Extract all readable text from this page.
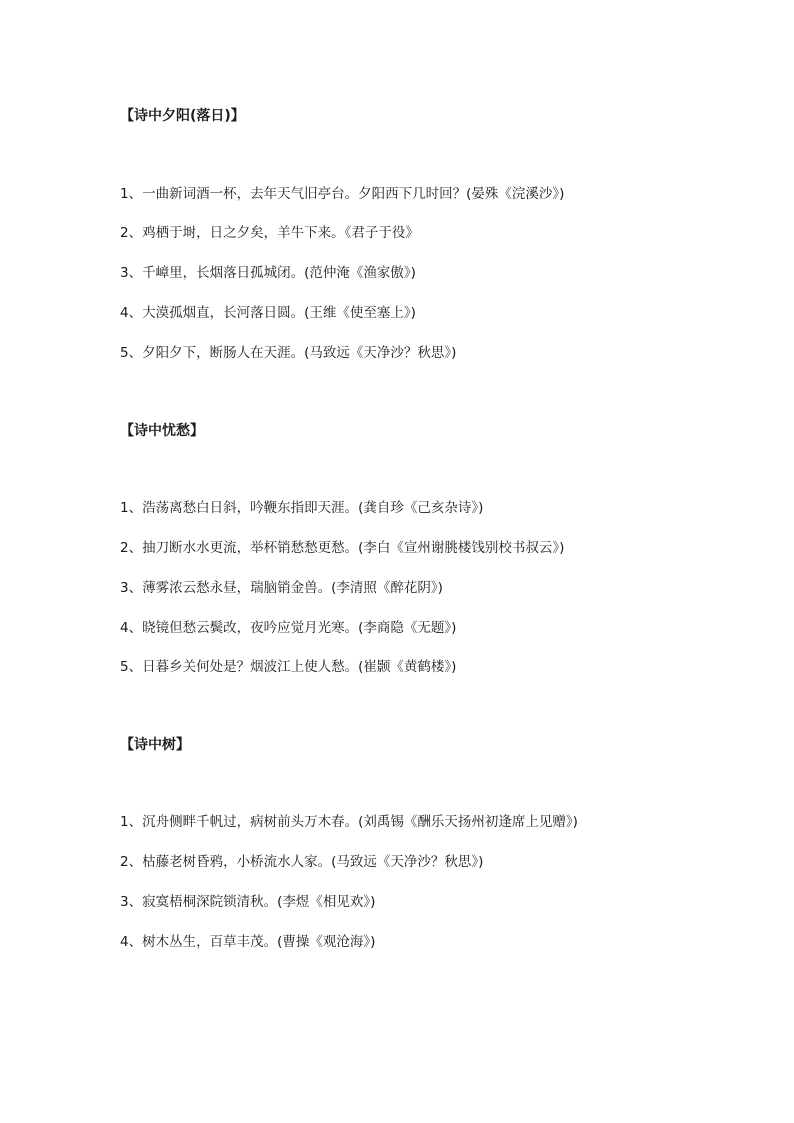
【诗中夕阳(落日)】
1、一曲新词酒一杯，去年天气旧亭台。夕阳西下几时回？(晏殊《浣溪沙》)
2、鸡栖于埘，日之夕矣，羊牛下来。《君子于役》
3、千嶂里，长烟落日孤城闭。(范仲淹《渔家傲》)
4、大漠孤烟直，长河落日圆。(王维《使至塞上》)
5、夕阳夕下，断肠人在天涯。(马致远《天净沙？秋思》)
【诗中忧愁】
1、浩荡离愁白日斜，吟鞭东指即天涯。(龚自珍《己亥杂诗》)
2、抽刀断水水更流，举杯销愁愁更愁。(李白《宣州谢朓楼饯别校书叔云》)
3、薄雾浓云愁永昼，瑞脑销金兽。(李清照《醉花阴》)
4、晓镜但愁云鬓改，夜吟应觉月光寒。(李商隐《无题》)
5、日暮乡关何处是？烟波江上使人愁。(崔颢《黄鹤楼》)
【诗中树】
1、沉舟侧畔千帆过，病树前头万木春。(刘禹锡《酬乐天扬州初逢席上见赠》)
2、枯藤老树昏鸦，小桥流水人家。(马致远《天净沙？秋思》)
3、寂寞梧桐深院锁清秋。(李煜《相见欢》)
4、树木丛生，百草丰茂。(曹操《观沧海》)
